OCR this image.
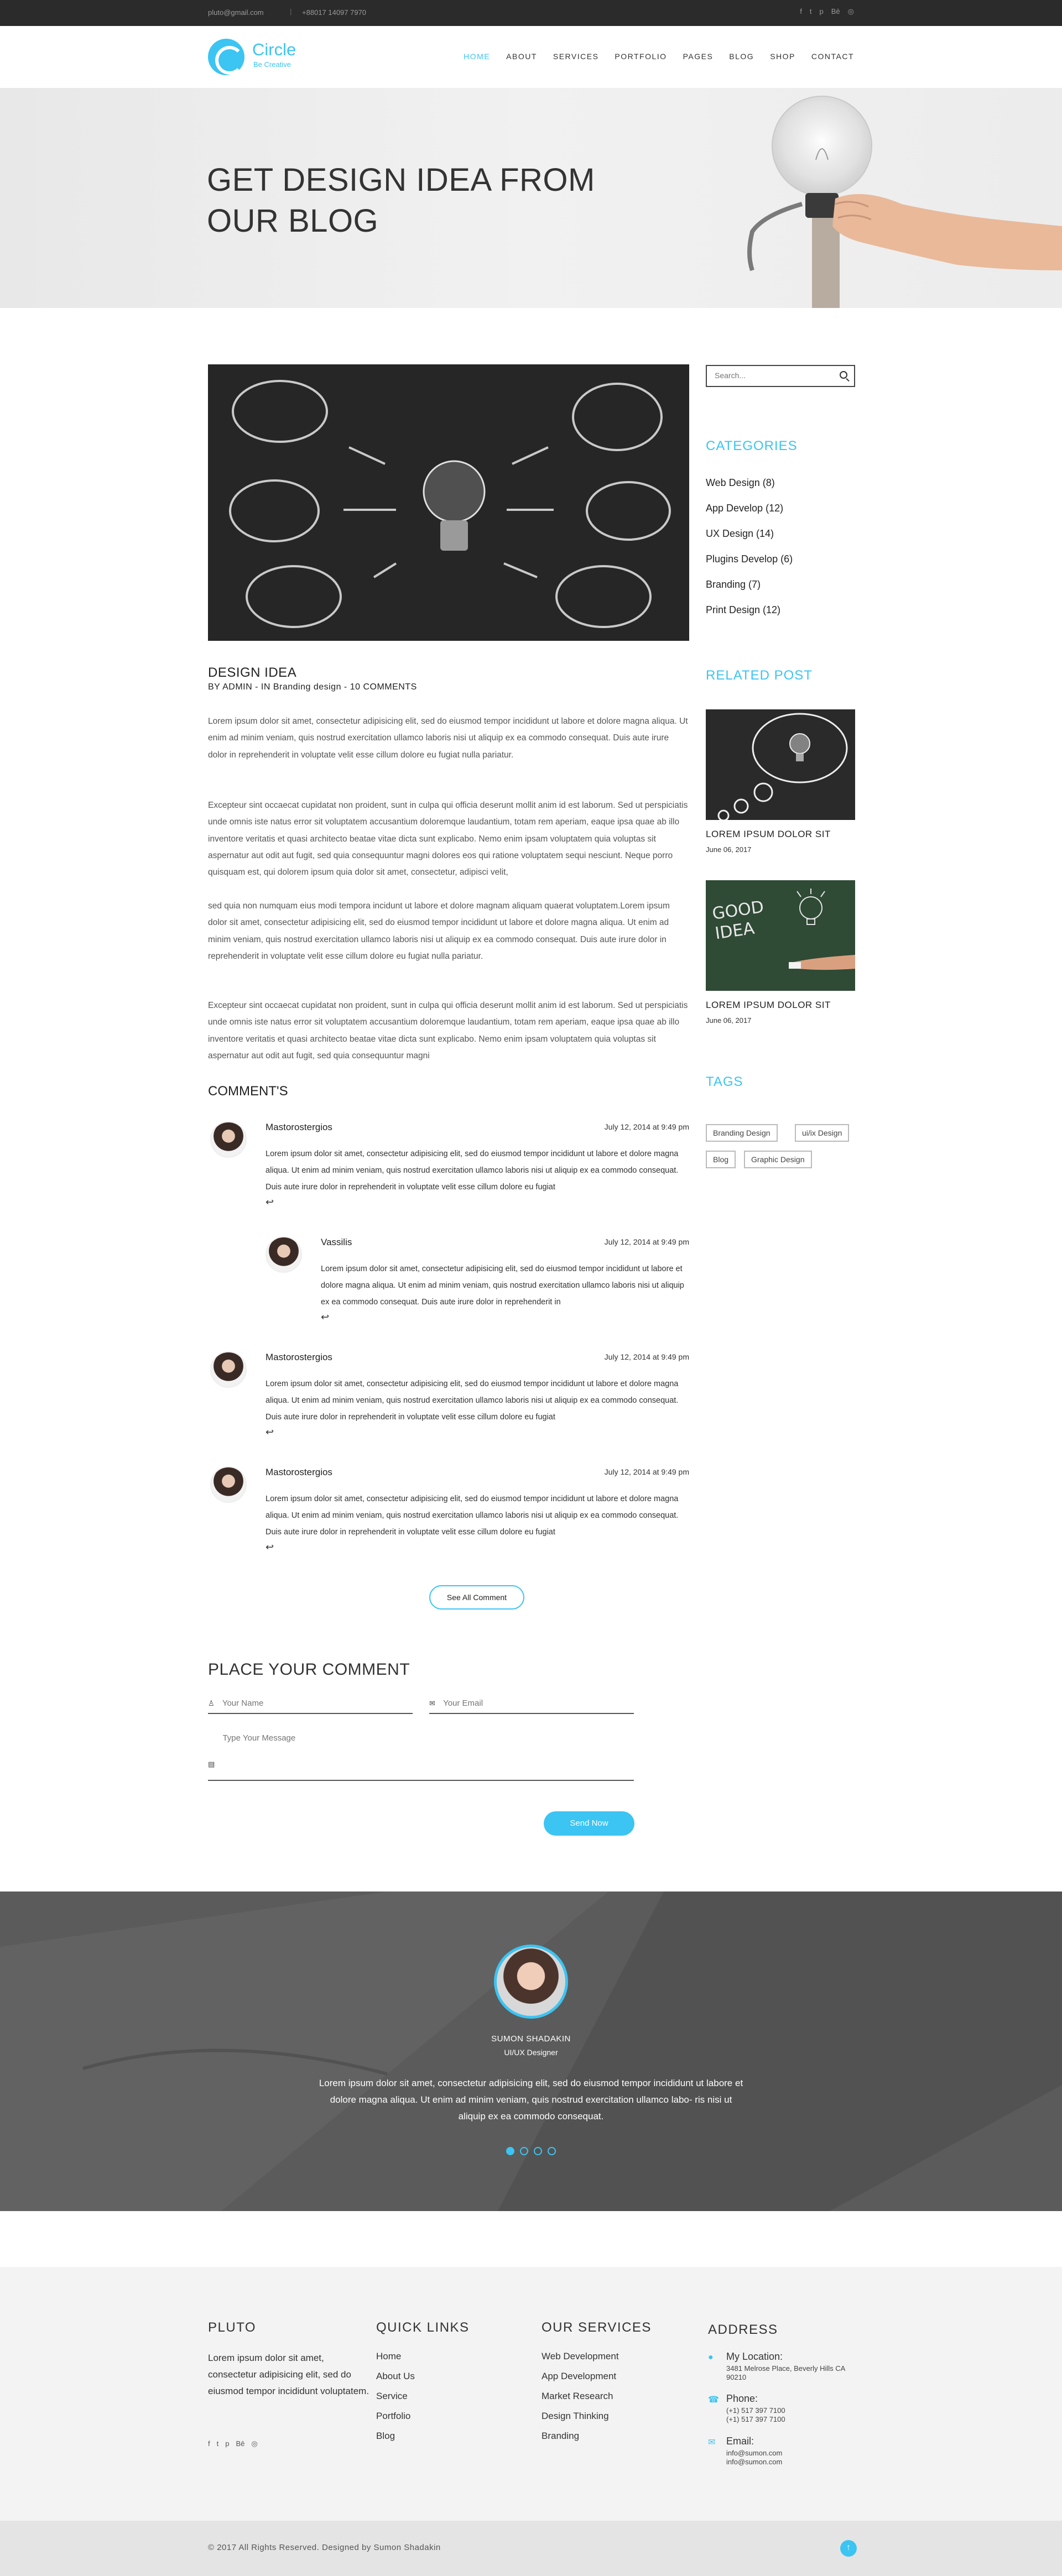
pluto@gmail.com	| +88017 14097 7970	f t p Bē ◎
Circle
Be Creative
HOME ABOUT SERVICES PORTFOLIO PAGES BLOG SHOP CONTACT
GET DESIGN IDEA FROM
OUR BLOG
DESIGN IDEA
BY ADMIN - IN Branding design - 10 COMMENTS

Lorem ipsum dolor sit amet, consectetur adipisicing elit, sed do eiusmod tempor incididunt ut labore et dolore magna aliqua. Ut enim ad minim veniam, quis nostrud exercitation ullamco laboris nisi ut aliquip ex ea commodo consequat. Duis aute irure dolor in reprehenderit in voluptate velit esse cillum dolore eu fugiat nulla pariatur.

Excepteur sint occaecat cupidatat non proident, sunt in culpa qui officia deserunt mollit anim id est laborum. Sed ut perspiciatis unde omnis iste natus error sit voluptatem accusantium doloremque laudantium, totam rem aperiam, eaque ipsa quae ab illo inventore veritatis et quasi architecto beatae vitae dicta sunt explicabo. Nemo enim ipsam voluptatem quia voluptas sit aspernatur aut odit aut fugit, sed quia consequuntur magni dolores eos qui ratione voluptatem sequi nesciunt. Neque porro quisquam est, qui dolorem ipsum quia dolor sit amet, consectetur, adipisci velit,

sed quia non numquam eius modi tempora incidunt ut labore et dolore magnam aliquam quaerat voluptatem.Lorem ipsum dolor sit amet, consectetur adipisicing elit, sed do eiusmod tempor incididunt ut labore et dolore magna aliqua. Ut enim ad minim veniam, quis nostrud exercitation ullamco laboris nisi ut aliquip ex ea commodo consequat. Duis aute irure dolor in reprehenderit in voluptate velit esse cillum dolore eu fugiat nulla pariatur.

Excepteur sint occaecat cupidatat non proident, sunt in culpa qui officia deserunt mollit anim id est laborum. Sed ut perspiciatis unde omnis iste natus error sit voluptatem accusantium doloremque laudantium, totam rem aperiam, eaque ipsa quae ab illo inventore veritatis et quasi architecto beatae vitae dicta sunt explicabo. Nemo enim ipsam voluptatem quia voluptas sit aspernatur aut odit aut fugit, sed quia consequuntur magni

COMMENT'S
Mastorostergios	July 12, 2014 at 9:49 pm

Lorem ipsum dolor sit amet, consectetur adipisicing elit, sed do eiusmod tempor incididunt ut labore et dolore magna aliqua. Ut enim ad minim veniam, quis nostrud exercitation ullamco laboris nisi ut aliquip ex ea commodo consequat. Duis aute irure dolor in reprehenderit in voluptate velit esse cillum dolore eu fugiat

↩
Vassilis	July 12, 2014 at 9:49 pm

Lorem ipsum dolor sit amet, consectetur adipisicing elit, sed do eiusmod tempor incididunt ut labore et dolore magna aliqua. Ut enim ad minim veniam, quis nostrud exercitation ullamco laboris nisi ut aliquip ex ea commodo consequat. Duis aute irure dolor in reprehenderit in

↩
Mastorostergios	July 12, 2014 at 9:49 pm

Lorem ipsum dolor sit amet, consectetur adipisicing elit, sed do eiusmod tempor incididunt ut labore et dolore magna aliqua. Ut enim ad minim veniam, quis nostrud exercitation ullamco laboris nisi ut aliquip ex ea commodo consequat. Duis aute irure dolor in reprehenderit in voluptate velit esse cillum dolore eu fugiat

↩
Mastorostergios	July 12, 2014 at 9:49 pm

Lorem ipsum dolor sit amet, consectetur adipisicing elit, sed do eiusmod tempor incididunt ut labore et dolore magna aliqua. Ut enim ad minim veniam, quis nostrud exercitation ullamco laboris nisi ut aliquip ex ea commodo consequat. Duis aute irure dolor in reprehenderit in voluptate velit esse cillum dolore eu fugiat

↩
See All Comment
PLACE YOUR COMMENT
♙ Your Name	✉ Your Email
▤ Type Your Message
Send Now
Search...
CATEGORIES
Web Design (8)
App Develop (12)
UX Design (14)
Plugins Develop (6)
Branding (7)
Print Design (12)
RELATED POST
LOREM IPSUM DOLOR SIT
June 06, 2017
GOOD IDEA
LOREM IPSUM DOLOR SIT
June 06, 2017
TAGS
Branding Design	ui/ix Design
Blog	Graphic Design
SUMON SHADAKIN
UI/UX Designer

Lorem ipsum dolor sit amet, consectetur adipisicing elit, sed do eiusmod tempor incididunt ut labore et dolore magna aliqua. Ut enim ad minim veniam, quis nostrud exercitation ullamco labo- ris nisi ut aliquip ex ea commodo consequat.

PLUTO

Lorem ipsum dolor sit amet, consectetur adipisicing elit, sed do eiusmod tempor incididunt voluptatem.

f t p Bē ◎
QUICK LINKS
Home
About Us
Service
Portfolio
Blog
OUR SERVICES
Web Development
App Development
Market Research
Design Thinking
Branding
ADDRESS
● My Location:
3481 Melrose Place, Beverly Hills CA
90210
☎ Phone:
(+1) 517 397 7100
(+1) 517 397 7100
✉ Email:
info@sumon.com
info@sumon.com
© 2017 All Rights Reserved. Designed by Sumon Shadakin	↑
